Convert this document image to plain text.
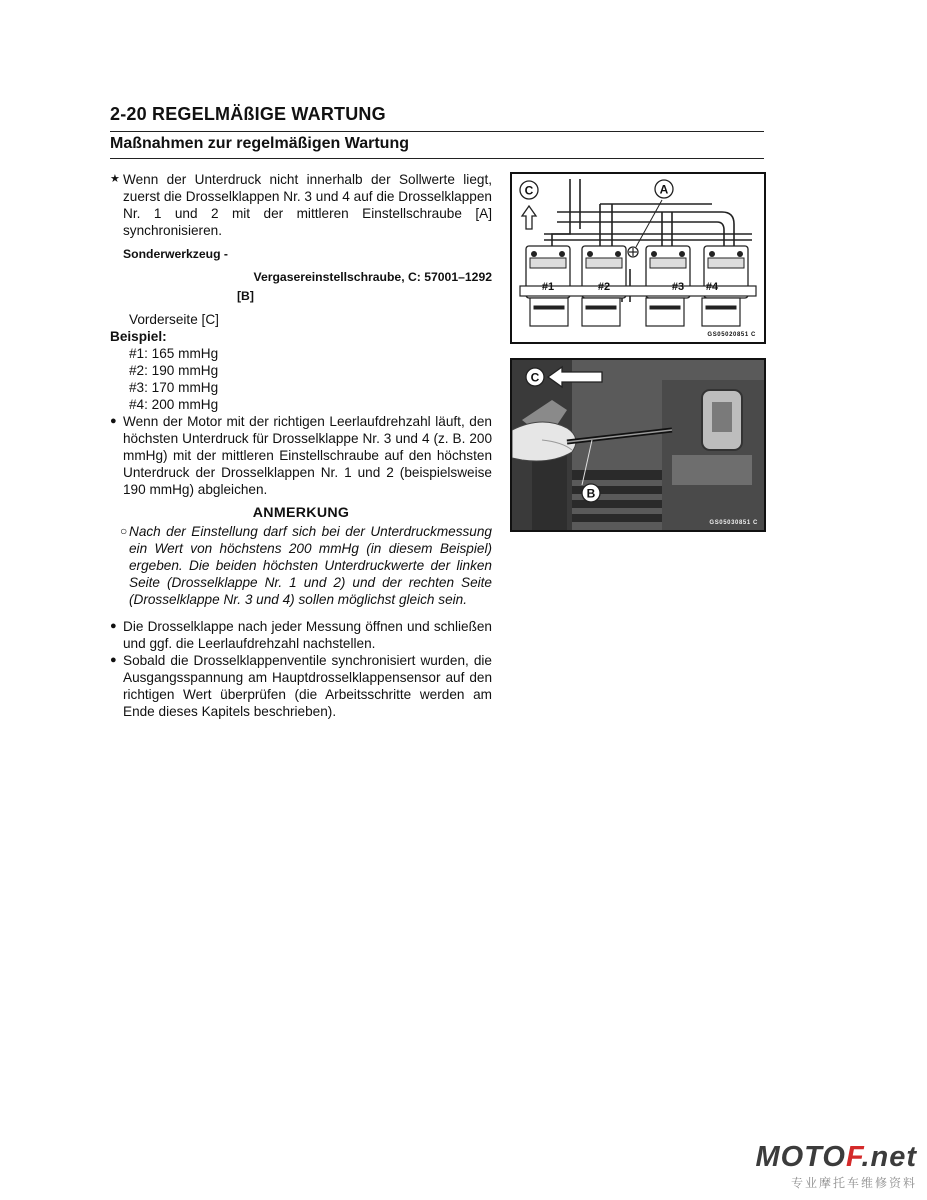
2-20 REGELMÄßIGE WARTUNG
Maßnahmen zur regelmäßigen Wartung
★ Wenn der Unterdruck nicht innerhalb der Sollwerte liegt, zuerst die Drosselklappen Nr. 3 und 4 auf die Drosselklappen Nr. 1 und 2 mit der mittleren Einstellschraube [A] synchronisieren.
Sonderwerkzeug -
Vergasereinstellschraube, C: 57001–1292
[B]
Vorderseite [C]
Beispiel:
#1: 165 mmHg
#2: 190 mmHg
#3: 170 mmHg
#4: 200 mmHg
● Wenn der Motor mit der richtigen Leerlaufdrehzahl läuft, den höchsten Unterdruck für Drosselklappe Nr. 3 und 4 (z. B. 200 mmHg) mit der mittleren Einstellschraube auf den höchsten Unterdruck der Drosselklappen Nr. 1 und 2 (beispielsweise 190 mmHg) abgleichen.
ANMERKUNG
○ Nach der Einstellung darf sich bei der Unterdruckmessung ein Wert von höchstens 200 mmHg (in diesem Beispiel) ergeben. Die beiden höchsten Unterdruckwerte der linken Seite (Drosselklappe Nr. 1 und 2) und der rechten Seite (Drosselklappe Nr. 3 und 4) sollen möglichst gleich sein.
● Die Drosselklappe nach jeder Messung öffnen und schließen und ggf. die Leerlaufdrehzahl nachstellen.
● Sobald die Drosselklappenventile synchronisiert wurden, die Ausgangsspannung am Hauptdrosselklappensensor auf den richtigen Wert überprüfen (die Arbeitsschritte werden am Ende dieses Kapitels beschrieben).
A
C
#1	#2	#3 #4
GS05020851 C
B
C
GS05030851 C
MOTOF.net
专业摩托车维修资料
